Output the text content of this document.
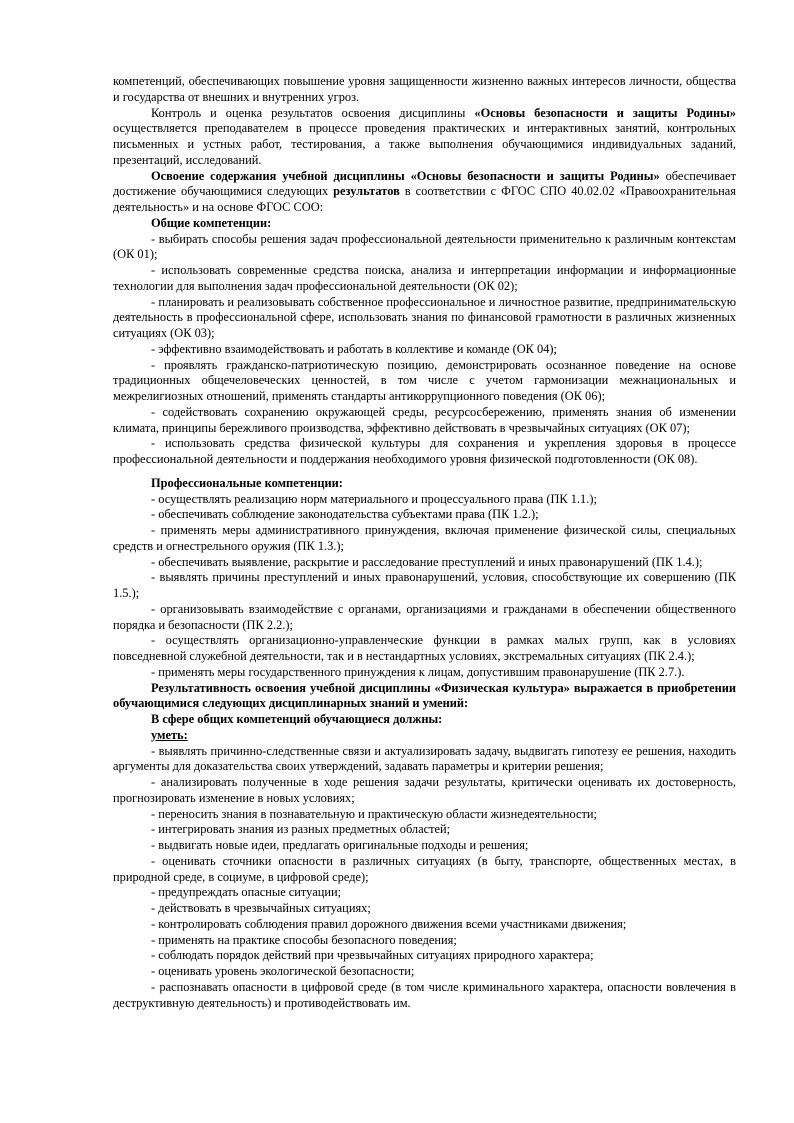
компетенций, обеспечивающих повышение уровня защищенности жизненно важных интересов личности, общества и государства от внешних и внутренних угроз.

Контроль и оценка результатов освоения дисциплины «Основы безопасности и защиты Родины» осуществляется преподавателем в процессе проведения практических и интерактивных занятий, контрольных письменных и устных работ, тестирования, а также выполнения обучающимися индивидуальных заданий, презентаций, исследований.

Освоение содержания учебной дисциплины «Основы безопасности и защиты Родины» обеспечивает достижение обучающимися следующих результатов в соответствии с ФГОС СПО 40.02.02 «Правоохранительная деятельность» и на основе ФГОС СОО:

Общие компетенции:

- выбирать способы решения задач профессиональной деятельности применительно к различным контекстам (ОК 01);

- использовать современные средства поиска, анализа и интерпретации информации и информационные технологии для выполнения задач профессиональной деятельности (ОК 02);

- планировать и реализовывать собственное профессиональное и личностное развитие, предпринимательскую деятельность в профессиональной сфере, использовать знания по финансовой грамотности в различных жизненных ситуациях (ОК 03);

- эффективно взаимодействовать и работать в коллективе и команде (ОК 04);

- проявлять гражданско-патриотическую позицию, демонстрировать осознанное поведение на основе традиционных общечеловеческих ценностей, в том числе с учетом гармонизации межнациональных и межрелигиозных отношений, применять стандарты антикоррупционного поведения (ОК 06);

- содействовать сохранению окружающей среды, ресурсосбережению, применять знания об изменении климата, принципы бережливого производства, эффективно действовать в чрезвычайных ситуациях (ОК 07);

- использовать средства физической культуры для сохранения и укрепления здоровья в процессе профессиональной деятельности и поддержания необходимого уровня физической подготовленности (ОК 08).

Профессиональные компетенции:

- осуществлять реализацию норм материального и процессуального права (ПК 1.1.);

- обеспечивать соблюдение законодательства субъектами права (ПК 1.2.);

- применять меры административного принуждения, включая применение физической силы, специальных средств и огнестрельного оружия (ПК 1.3.);

- обеспечивать выявление, раскрытие и расследование преступлений и иных правонарушений (ПК 1.4.);

- выявлять причины преступлений и иных правонарушений, условия, способствующие их совершению (ПК 1.5.);

- организовывать взаимодействие с органами, организациями и гражданами в обеспечении общественного порядка и безопасности (ПК 2.2.);

- осуществлять организационно-управленческие функции в рамках малых групп, как в условиях повседневной служебной деятельности, так и в нестандартных условиях, экстремальных ситуациях (ПК 2.4.);

- применять меры государственного принуждения к лицам, допустившим правонарушение (ПК 2.7.).

Результативность освоения учебной дисциплины «Физическая культура» выражается в приобретении обучающимися следующих дисциплинарных знаний и умений:

В сфере общих компетенций обучающиеся должны:

уметь:

- выявлять причинно-следственные связи и актуализировать задачу, выдвигать гипотезу ее решения, находить аргументы для доказательства своих утверждений, задавать параметры и критерии решения;

- анализировать полученные в ходе решения задачи результаты, критически оценивать их достоверность, прогнозировать изменение в новых условиях;

- переносить знания в познавательную и практическую области жизнедеятельности;

- интегрировать знания из разных предметных областей;

- выдвигать новые идеи, предлагать оригинальные подходы и решения;

- оценивать сточники опасности в различных ситуациях (в быту, транспорте, общественных местах, в природной среде, в социуме, в цифровой среде);

- предупреждать опасные ситуации;

- действовать в чрезвычайных ситуациях;

- контролировать соблюдения правил дорожного движения всеми участниками движения;

- применять на практике способы безопасного поведения;

- соблюдать порядок действий при чрезвычайных ситуациях природного характера;

- оценивать уровень экологической безопасности;

- распознавать опасности в цифровой среде (в том числе криминального характера, опасности вовлечения в деструктивную деятельность) и противодействовать им.
